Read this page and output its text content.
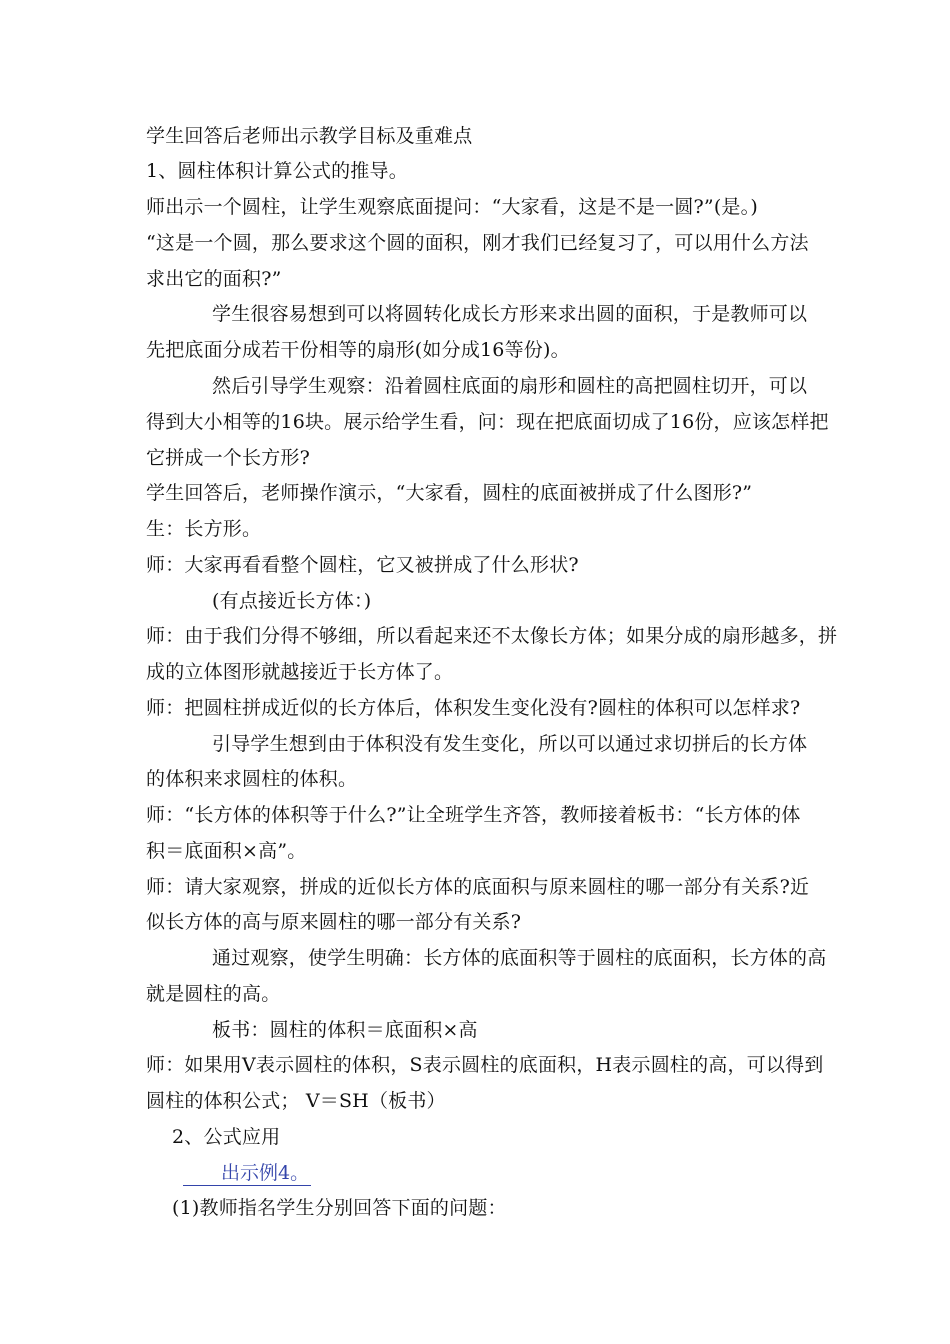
学生回答后老师出示教学目标及重难点
1、圆柱体积计算公式的推导。
师出示一个圆柱，让学生观察底面提问：“大家看，这是不是一圆?”(是。)
“这是一个圆，那么要求这个圆的面积，刚才我们已经复习了，可以用什么方法
求出它的面积?”
学生很容易想到可以将圆转化成长方形来求出圆的面积，于是教师可以
先把底面分成若干份相等的扇形(如分成16等份)。
然后引导学生观察：沿着圆柱底面的扇形和圆柱的高把圆柱切开，可以
得到大小相等的16块。展示给学生看，问：现在把底面切成了16份，应该怎样把
它拼成一个长方形?
学生回答后，老师操作演示，“大家看，圆柱的底面被拼成了什么图形?”
生：长方形。
师：大家再看看整个圆柱，它又被拼成了什么形状?
(有点接近长方体：)
师：由于我们分得不够细，所以看起来还不太像长方体；如果分成的扇形越多，拼
成的立体图形就越接近于长方体了。
师：把圆柱拼成近似的长方体后，体积发生变化没有?圆柱的体积可以怎样求?
引导学生想到由于体积没有发生变化，所以可以通过求切拼后的长方体
的体积来求圆柱的体积。
师：“长方体的体积等于什么?”让全班学生齐答，教师接着板书：“长方体的体
积＝底面积×高”。
师：请大家观察，拼成的近似长方体的底面积与原来圆柱的哪一部分有关系?近
似长方体的高与原来圆柱的哪一部分有关系?
通过观察，使学生明确：长方体的底面积等于圆柱的底面积，长方体的高
就是圆柱的高。
板书：圆柱的体积＝底面积×高
师：如果用V表示圆柱的体积，S表示圆柱的底面积，H表示圆柱的高，可以得到
圆柱的体积公式； V＝SH（板书）
2、公式应用
出示例4。
(1)教师指名学生分别回答下面的问题：
